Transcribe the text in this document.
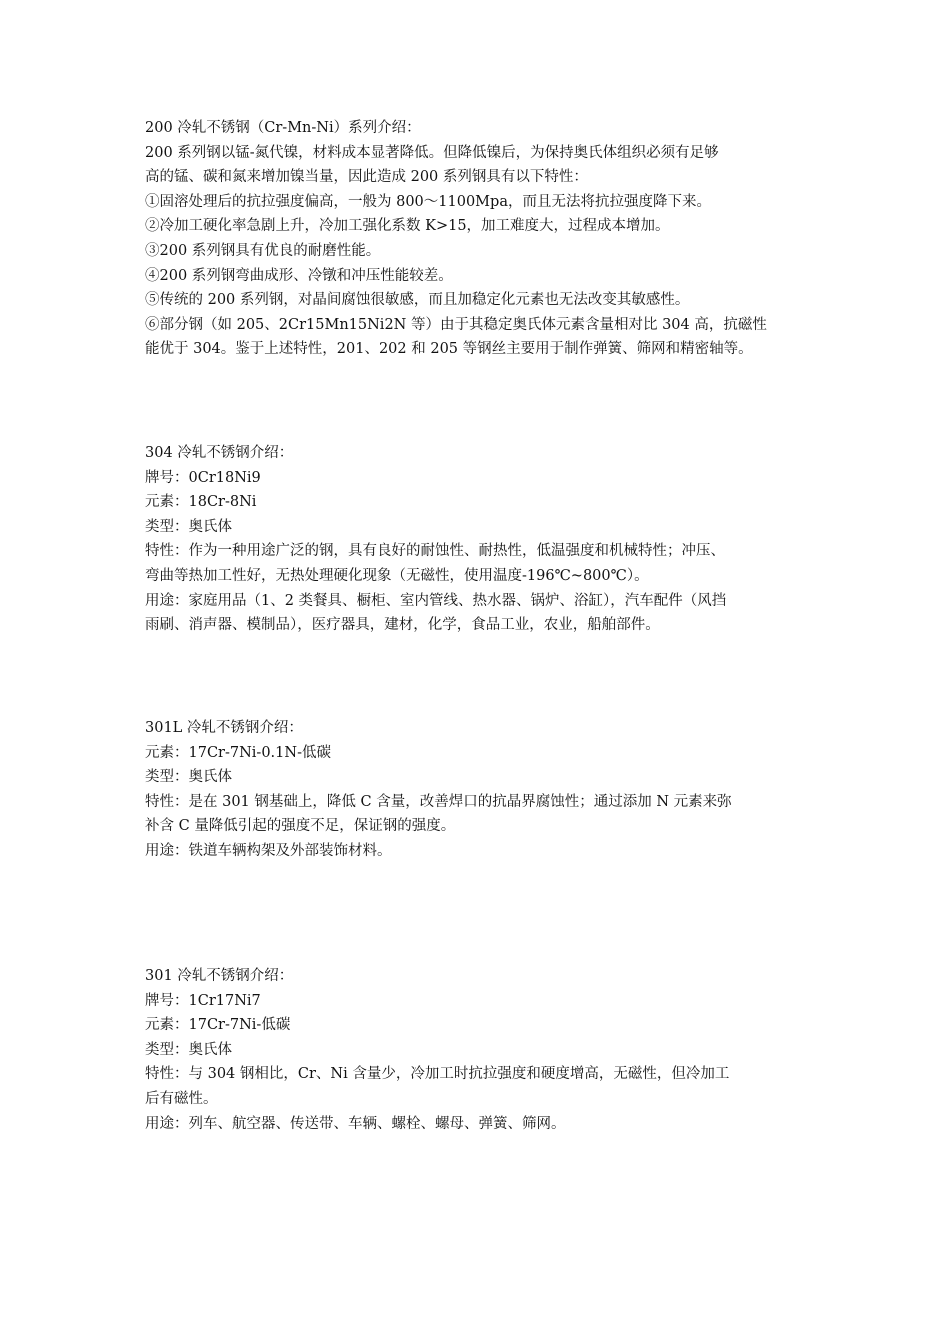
200 冷轧不锈钢（Cr-Mn-Ni）系列介绍：
200 系列钢以锰-氮代镍，材料成本显著降低。但降低镍后，为保持奥氏体组织必须有足够
高的锰、碳和氮来增加镍当量，因此造成 200 系列钢具有以下特性：
①固溶处理后的抗拉强度偏高，一般为 800～1100Mpa，而且无法将抗拉强度降下来。
②冷加工硬化率急剧上升，冷加工强化系数 K>15，加工难度大，过程成本增加。
③200 系列钢具有优良的耐磨性能。
④200 系列钢弯曲成形、冷镦和冲压性能较差。
⑤传统的 200 系列钢，对晶间腐蚀很敏感，而且加稳定化元素也无法改变其敏感性。
⑥部分钢（如 205、2Cr15Mn15Ni2N 等）由于其稳定奥氏体元素含量相对比 304 高，抗磁性
能优于 304。鉴于上述特性，201、202 和 205 等钢丝主要用于制作弹簧、筛网和精密轴等。
304 冷轧不锈钢介绍：
牌号：0Cr18Ni9
元素：18Cr-8Ni
类型：奥氏体
特性：作为一种用途广泛的钢，具有良好的耐蚀性、耐热性，低温强度和机械特性；冲压、
弯曲等热加工性好，无热处理硬化现象（无磁性，使用温度-196℃~800℃）。
用途：家庭用品（1、2 类餐具、橱柜、室内管线、热水器、锅炉、浴缸），汽车配件（风挡
雨刷、消声器、模制品），医疗器具，建材，化学，食品工业，农业，船舶部件。
301L 冷轧不锈钢介绍：
元素：17Cr-7Ni-0.1N-低碳
类型：奥氏体
特性：是在 301 钢基础上，降低 C 含量，改善焊口的抗晶界腐蚀性；通过添加 N 元素来弥
补含 C 量降低引起的强度不足，保证钢的强度。
用途：铁道车辆构架及外部装饰材料。
301 冷轧不锈钢介绍：
牌号：1Cr17Ni7
元素：17Cr-7Ni-低碳
类型：奥氏体
特性：与 304 钢相比，Cr、Ni 含量少，冷加工时抗拉强度和硬度增高，无磁性，但冷加工
后有磁性。
用途：列车、航空器、传送带、车辆、螺栓、螺母、弹簧、筛网。
